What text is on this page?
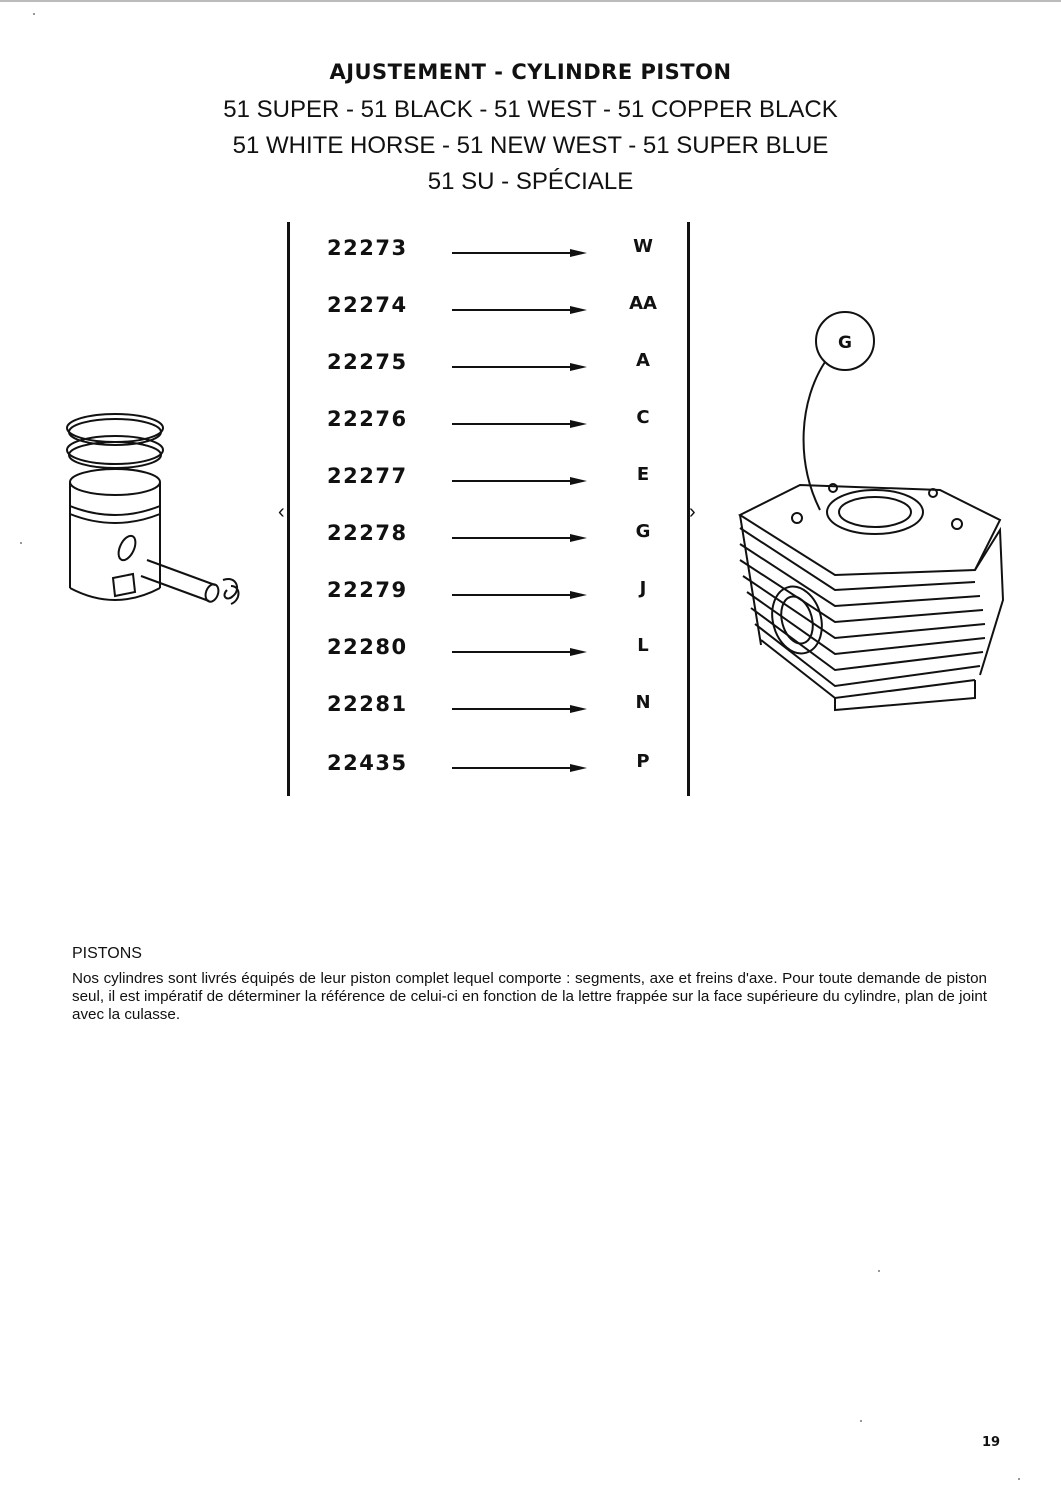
AJUSTEMENT - CYLINDRE PISTON
51 SUPER - 51 BLACK - 51 WEST - 51 COPPER BLACK
51 WHITE HORSE - 51 NEW WEST - 51 SUPER BLUE
51 SU - SPÉCIALE
‹	›
22273	W
22274	AA
22275	A
22276	C
22277	E
22278	G
22279	J
22280	L
22281	N
22435	P
G
PISTONS
Nos cylindres sont livrés équipés de leur piston complet lequel comporte : segments, axe et freins d'axe. Pour toute demande de piston seul, il est impératif de déterminer la référence de celui-ci en fonction de la lettre frappée sur la face supérieure du cylindre, plan de joint avec la culasse.
19
